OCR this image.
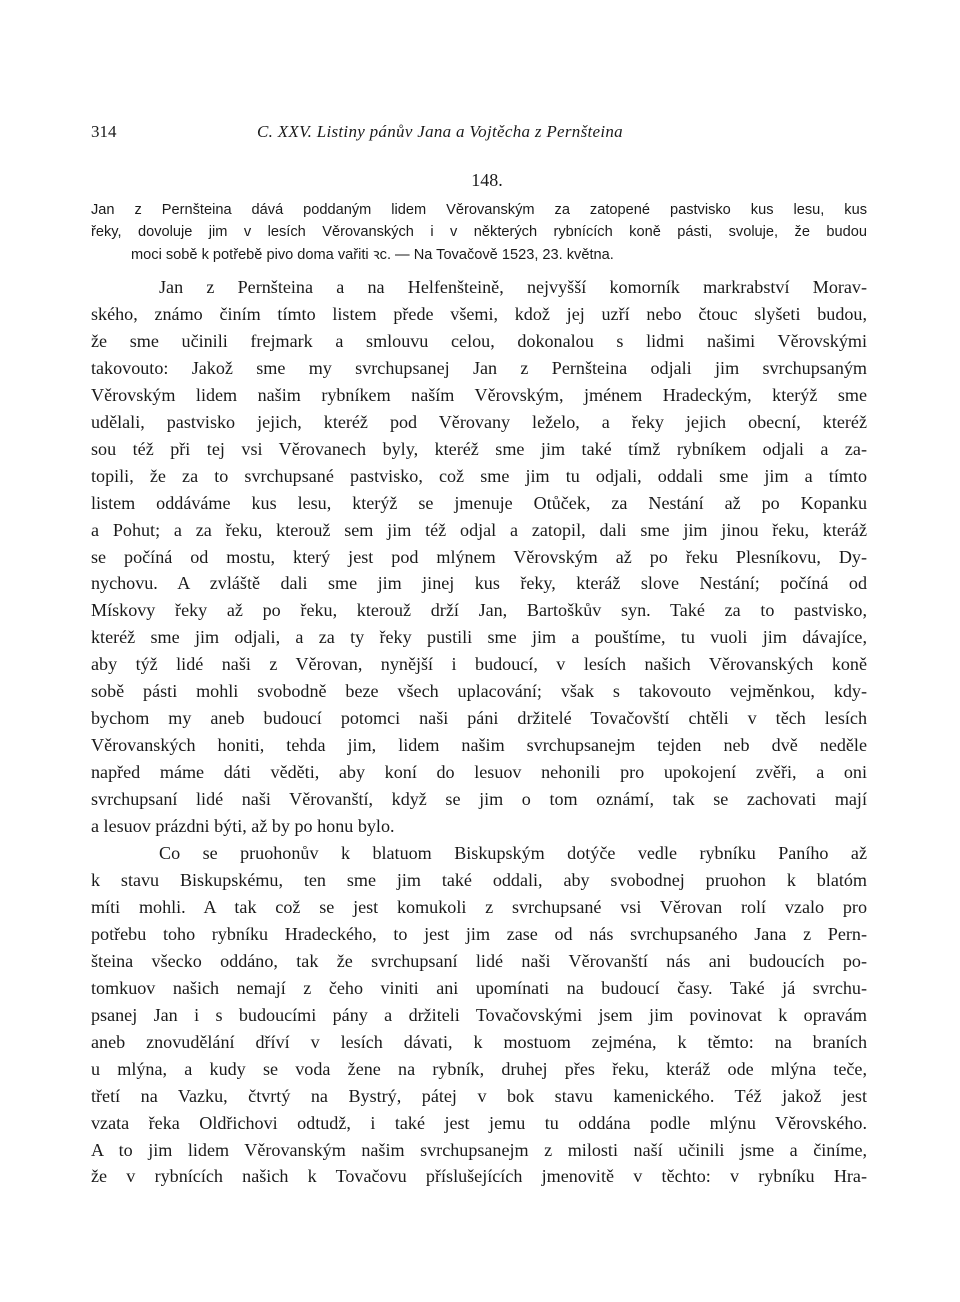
314	C. XXV. Listiny pánův Jana a Vojtěcha z Pernšteina
148.
Jan z Pernšteina dává poddaným lidem Věrovanským za zatopené pastvisko kus lesu, kus
řeky, dovoluje jim v lesích Věrovanských i v některých rybnících koně pásti, svoluje, že budou
moci sobě k potřebě pivo doma vařiti ꝛc. — Na Tovačově 1523, 23. května.
Jan z Pernšteina a na Helfenšteině, nejvyšší komorník markrabství Morav-
ského, známo činím tímto listem přede všemi, kdož jej uzří nebo čtouc slyšeti budou,
že sme učinili frejmark a smlouvu celou, dokonalou s lidmi našimi Věrovskými
takovouto: Jakož sme my svrchupsanej Jan z Pernšteina odjali jim svrchupsaným
Věrovským lidem našim rybníkem naším Věrovským, jménem Hradeckým, kterýž sme
udělali, pastvisko jejich, kteréž pod Věrovany leželo, a řeky jejich obecní, kteréž
sou též při tej vsi Věrovanech byly, kteréž sme jim také tímž rybníkem odjali a za-
topili, že za to svrchupsané pastvisko, což sme jim tu odjali, oddali sme jim a tímto
listem oddáváme kus lesu, kterýž se jmenuje Otůček, za Nestání až po Kopanku
a Pohut; a za řeku, kterouž sem jim též odjal a zatopil, dali sme jim jinou řeku, kteráž
se počíná od mostu, který jest pod mlýnem Věrovským až po řeku Plesníkovu, Dy-
nychovu. A zvláště dali sme jim jinej kus řeky, kteráž slove Nestání; počíná od
Mískovy řeky až po řeku, kterouž drží Jan, Bartoškův syn. Také za to pastvisko,
kteréž sme jim odjali, a za ty řeky pustili sme jim a pouštíme, tu vuoli jim dávajíce,
aby týž lidé naši z Věrovan, nynější i budoucí, v lesích našich Věrovanských koně
sobě pásti mohli svobodně beze všech uplacování; však s takovouto vejměnkou, kdy-
bychom my aneb budoucí potomci naši páni držitelé Tovačovští chtěli v těch lesích
Věrovanských honiti, tehda jim, lidem našim svrchupsanejm tejden neb dvě neděle
napřed máme dáti věděti, aby koní do lesuov nehonili pro upokojení zvěři, a oni
svrchupsaní lidé naši Věrovanští, když se jim o tom oznámí, tak se zachovati mají
a lesuov prázdni býti, až by po honu bylo.
Co se pruohonův k blatuom Biskupským dotýče vedle rybníku Paního až
k stavu Biskupskému, ten sme jim také oddali, aby svobodnej pruohon k blatóm
míti mohli. A tak což se jest komukoli z svrchupsané vsi Věrovan rolí vzalo pro
potřebu toho rybníku Hradeckého, to jest jim zase od nás svrchupsaného Jana z Pern-
šteina všecko oddáno, tak že svrchupsaní lidé naši Věrovanští nás ani budoucích po-
tomkuov našich nemají z čeho viniti ani upomínati na budoucí časy. Také já svrchu-
psanej Jan i s budoucími pány a držiteli Tovačovskými jsem jim povinovat k opravám
aneb znovudělání dříví v lesích dávati, k mostuom zejména, k těmto: na braních
u mlýna, a kudy se voda žene na rybník, druhej přes řeku, kteráž ode mlýna teče,
třetí na Vazku, čtvrtý na Bystrý, pátej v bok stavu kamenického. Též jakož jest
vzata řeka Oldřichovi odtudž, i také jest jemu tu oddána podle mlýnu Věrovského.
A to jim lidem Věrovanským našim svrchupsanejm z milosti naší učinili jsme a činíme,
že v rybnících našich k Tovačovu příslušejících jmenovitě v těchto: v rybníku Hra-
